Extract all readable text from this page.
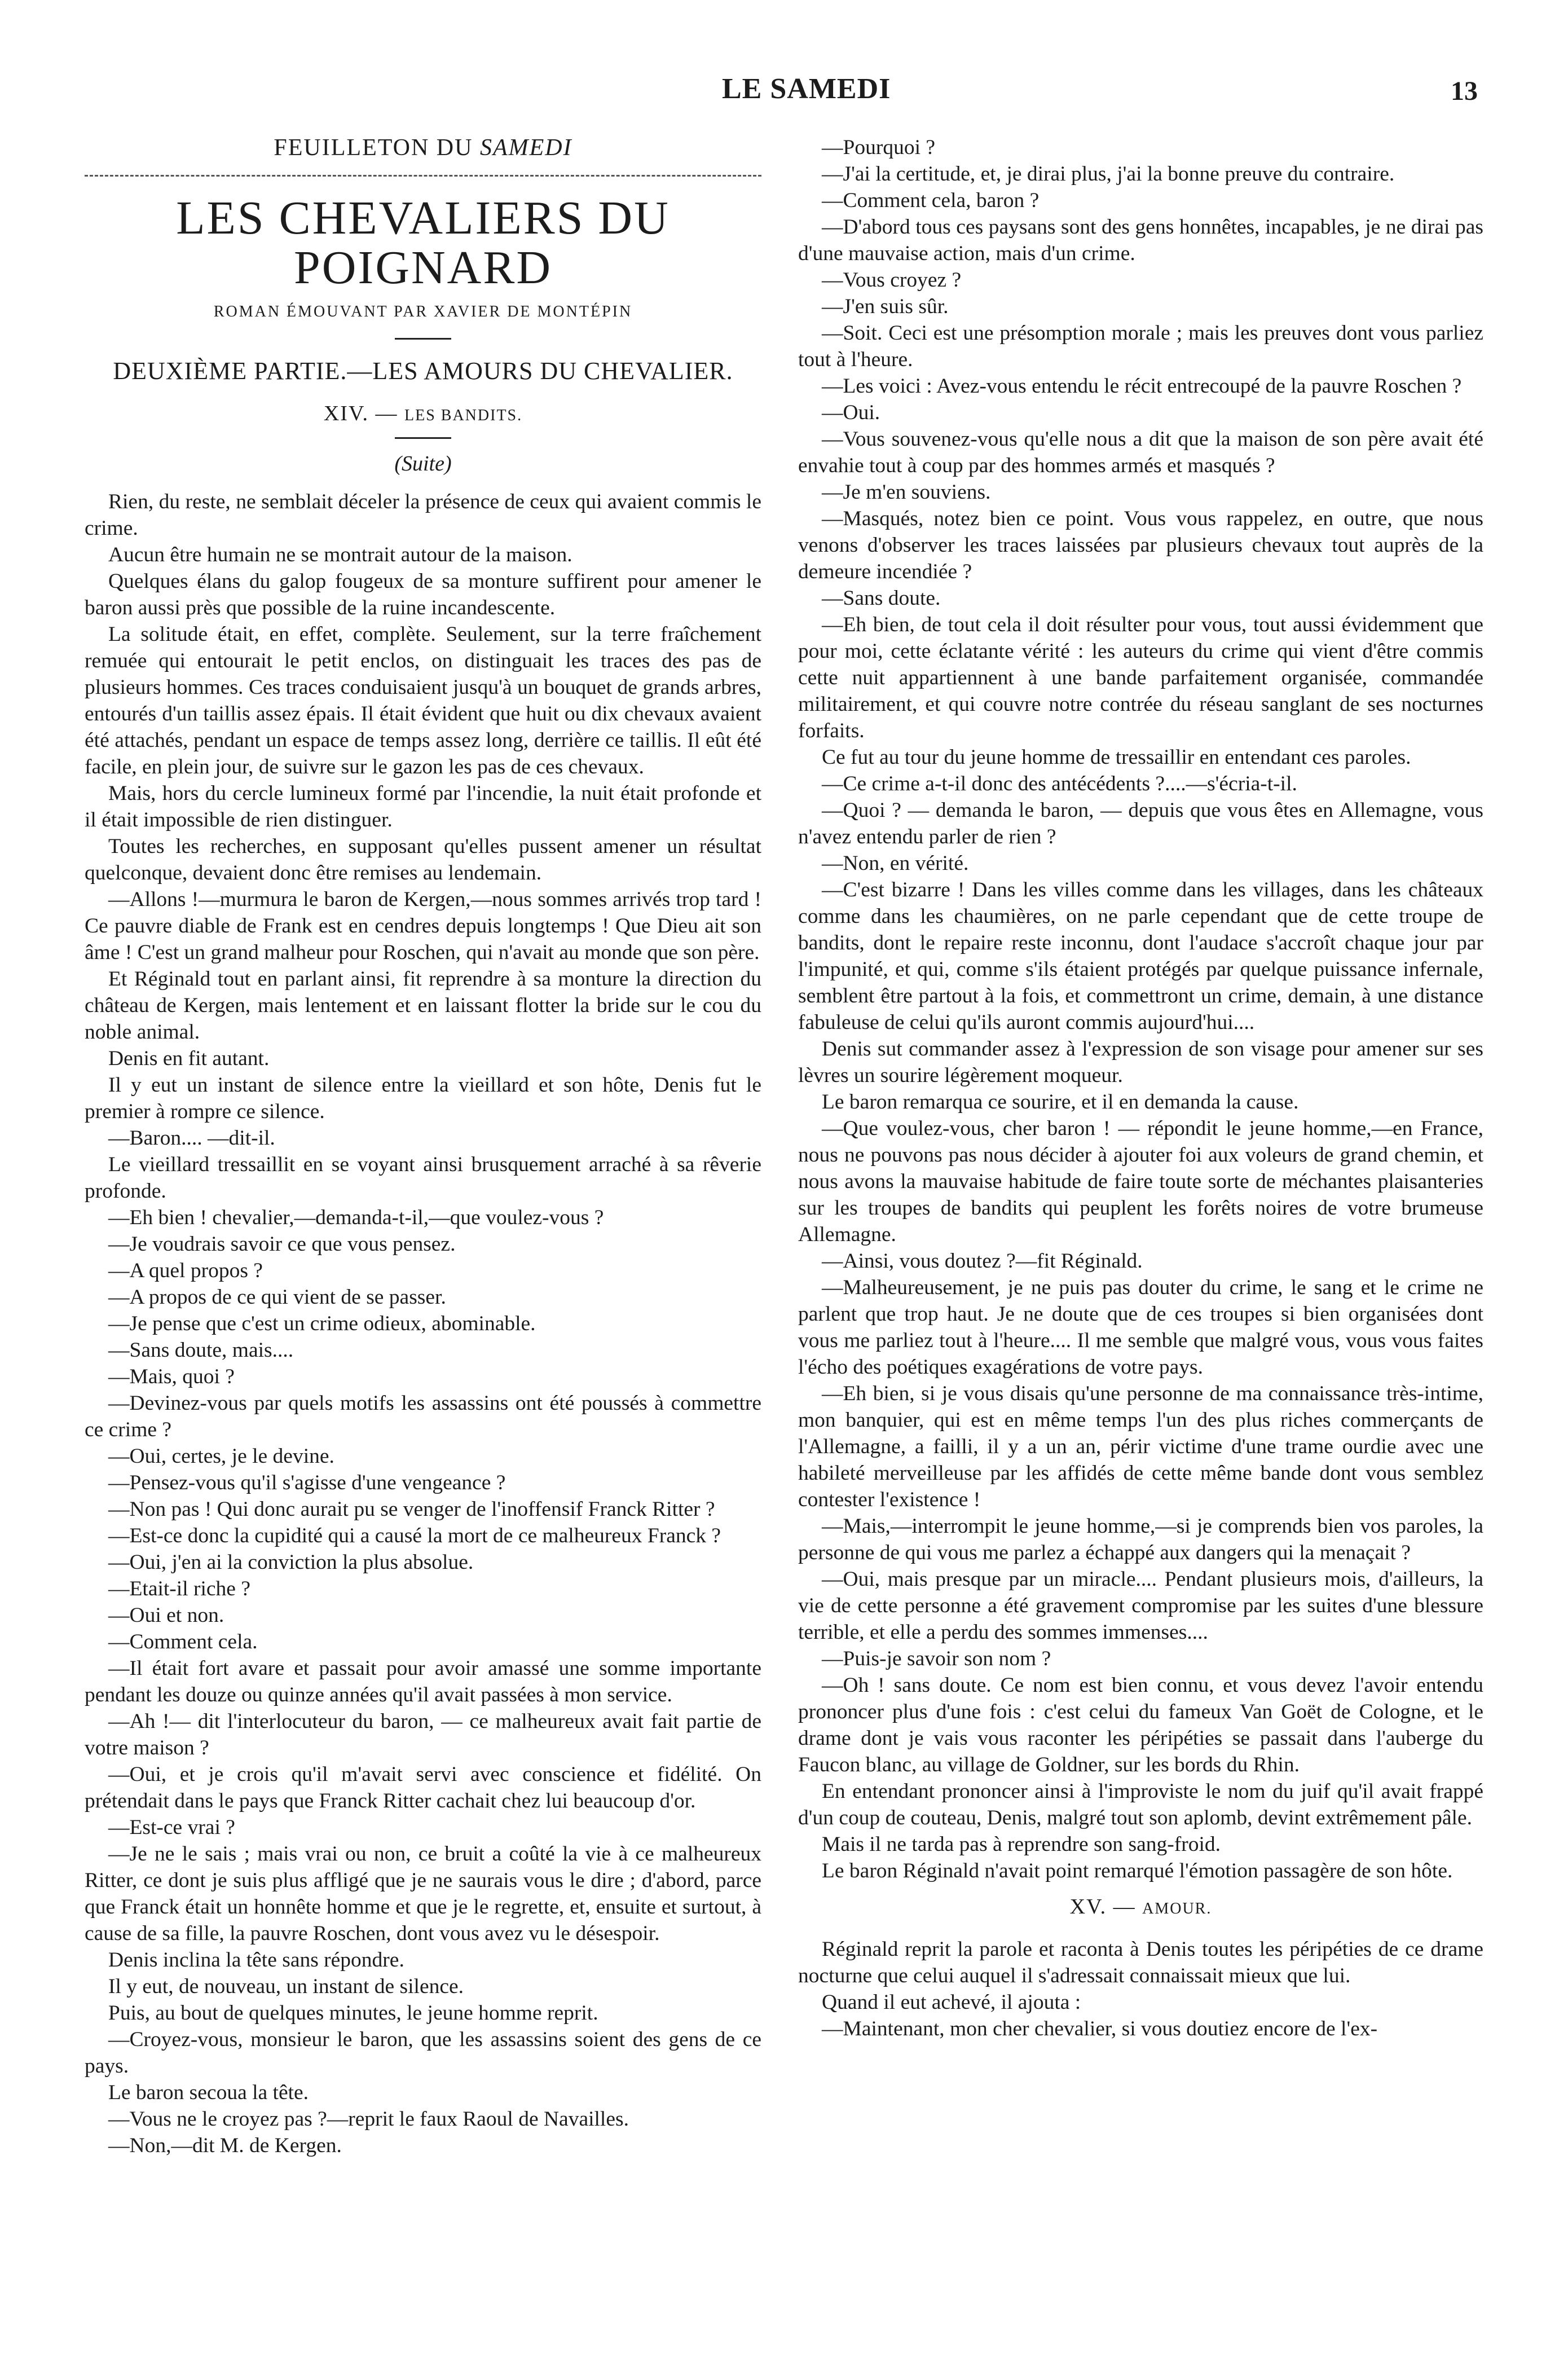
LE SAMEDI	13
FEUILLETON DU SAMEDI
LES CHEVALIERS DU POIGNARD
ROMAN ÉMOUVANT PAR XAVIER DE MONTÉPIN
DEUXIÈME PARTIE.—LES AMOURS DU CHEVALIER.
XIV. — LES BANDITS.
(Suite)

Rien, du reste, ne semblait déceler la présence de ceux qui avaient commis le crime.

Aucun être humain ne se montrait autour de la maison.

Quelques élans du galop fougeux de sa monture suffirent pour amener le baron aussi près que possible de la ruine incandescente.

La solitude était, en effet, complète. Seulement, sur la terre fraîchement remuée qui entourait le petit enclos, on distinguait les traces des pas de plusieurs hommes. Ces traces conduisaient jusqu'à un bouquet de grands arbres, entourés d'un taillis assez épais. Il était évident que huit ou dix chevaux avaient été attachés, pendant un espace de temps assez long, derrière ce taillis. Il eût été facile, en plein jour, de suivre sur le gazon les pas de ces chevaux.

Mais, hors du cercle lumineux formé par l'incendie, la nuit était profonde et il était impossible de rien distinguer.

Toutes les recherches, en supposant qu'elles pussent amener un résultat quelconque, devaient donc être remises au lendemain.

—Allons !—murmura le baron de Kergen,—nous sommes arrivés trop tard ! Ce pauvre diable de Frank est en cendres depuis longtemps ! Que Dieu ait son âme ! C'est un grand malheur pour Roschen, qui n'avait au monde que son père.

Et Réginald tout en parlant ainsi, fit reprendre à sa monture la direction du château de Kergen, mais lentement et en laissant flotter la bride sur le cou du noble animal.

Denis en fit autant.

Il y eut un instant de silence entre la vieillard et son hôte, Denis fut le premier à rompre ce silence.

—Baron.... —dit-il.

Le vieillard tressaillit en se voyant ainsi brusquement arraché à sa rêverie profonde.

—Eh bien ! chevalier,—demanda-t-il,—que voulez-vous ?

—Je voudrais savoir ce que vous pensez.

—A quel propos ?

—A propos de ce qui vient de se passer.

—Je pense que c'est un crime odieux, abominable.

—Sans doute, mais....

—Mais, quoi ?

—Devinez-vous par quels motifs les assassins ont été poussés à commettre ce crime ?

—Oui, certes, je le devine.

—Pensez-vous qu'il s'agisse d'une vengeance ?

—Non pas ! Qui donc aurait pu se venger de l'inoffensif Franck Ritter ?

—Est-ce donc la cupidité qui a causé la mort de ce malheureux Franck ?

—Oui, j'en ai la conviction la plus absolue.

—Etait-il riche ?

—Oui et non.

—Comment cela.

—Il était fort avare et passait pour avoir amassé une somme importante pendant les douze ou quinze années qu'il avait passées à mon service.

—Ah !— dit l'interlocuteur du baron, — ce malheureux avait fait partie de votre maison ?

—Oui, et je crois qu'il m'avait servi avec conscience et fidélité. On prétendait dans le pays que Franck Ritter cachait chez lui beaucoup d'or.

—Est-ce vrai ?

—Je ne le sais ; mais vrai ou non, ce bruit a coûté la vie à ce malheureux Ritter, ce dont je suis plus affligé que je ne saurais vous le dire ; d'abord, parce que Franck était un honnête homme et que je le regrette, et, ensuite et surtout, à cause de sa fille, la pauvre Roschen, dont vous avez vu le désespoir.

Denis inclina la tête sans répondre.

Il y eut, de nouveau, un instant de silence.

Puis, au bout de quelques minutes, le jeune homme reprit.

—Croyez-vous, monsieur le baron, que les assassins soient des gens de ce pays.

Le baron secoua la tête.

—Vous ne le croyez pas ?—reprit le faux Raoul de Navailles.

—Non,—dit M. de Kergen.

—Pourquoi ?

—J'ai la certitude, et, je dirai plus, j'ai la bonne preuve du contraire.

—Comment cela, baron ?

—D'abord tous ces paysans sont des gens honnêtes, incapables, je ne dirai pas d'une mauvaise action, mais d'un crime.

—Vous croyez ?

—J'en suis sûr.

—Soit. Ceci est une présomption morale ; mais les preuves dont vous parliez tout à l'heure.

—Les voici : Avez-vous entendu le récit entrecoupé de la pauvre Roschen ?

—Oui.

—Vous souvenez-vous qu'elle nous a dit que la maison de son père avait été envahie tout à coup par des hommes armés et masqués ?

—Je m'en souviens.

—Masqués, notez bien ce point. Vous vous rappelez, en outre, que nous venons d'observer les traces laissées par plusieurs chevaux tout auprès de la demeure incendiée ?

—Sans doute.

—Eh bien, de tout cela il doit résulter pour vous, tout aussi évidemment que pour moi, cette éclatante vérité : les auteurs du crime qui vient d'être commis cette nuit appartiennent à une bande parfaitement organisée, commandée militairement, et qui couvre notre contrée du réseau sanglant de ses nocturnes forfaits.

Ce fut au tour du jeune homme de tressaillir en entendant ces paroles.

—Ce crime a-t-il donc des antécédents ?....—s'écria-t-il.

—Quoi ? — demanda le baron, — depuis que vous êtes en Allemagne, vous n'avez entendu parler de rien ?

—Non, en vérité.

—C'est bizarre ! Dans les villes comme dans les villages, dans les châteaux comme dans les chaumières, on ne parle cependant que de cette troupe de bandits, dont le repaire reste inconnu, dont l'audace s'accroît chaque jour par l'impunité, et qui, comme s'ils étaient protégés par quelque puissance infernale, semblent être partout à la fois, et commettront un crime, demain, à une distance fabuleuse de celui qu'ils auront commis aujourd'hui....

Denis sut commander assez à l'expression de son visage pour amener sur ses lèvres un sourire légèrement moqueur.

Le baron remarqua ce sourire, et il en demanda la cause.

—Que voulez-vous, cher baron ! — répondit le jeune homme,—en France, nous ne pouvons pas nous décider à ajouter foi aux voleurs de grand chemin, et nous avons la mauvaise habitude de faire toute sorte de méchantes plaisanteries sur les troupes de bandits qui peuplent les forêts noires de votre brumeuse Allemagne.

—Ainsi, vous doutez ?—fit Réginald.

—Malheureusement, je ne puis pas douter du crime, le sang et le crime ne parlent que trop haut. Je ne doute que de ces troupes si bien organisées dont vous me parliez tout à l'heure.... Il me semble que malgré vous, vous vous faites l'écho des poétiques exagérations de votre pays.

—Eh bien, si je vous disais qu'une personne de ma connaissance très-intime, mon banquier, qui est en même temps l'un des plus riches commerçants de l'Allemagne, a failli, il y a un an, périr victime d'une trame ourdie avec une habileté merveilleuse par les affidés de cette même bande dont vous semblez contester l'existence !

—Mais,—interrompit le jeune homme,—si je comprends bien vos paroles, la personne de qui vous me parlez a échappé aux dangers qui la menaçait ?

—Oui, mais presque par un miracle.... Pendant plusieurs mois, d'ailleurs, la vie de cette personne a été gravement compromise par les suites d'une blessure terrible, et elle a perdu des sommes immenses....

—Puis-je savoir son nom ?

—Oh ! sans doute. Ce nom est bien connu, et vous devez l'avoir entendu prononcer plus d'une fois : c'est celui du fameux Van Goët de Cologne, et le drame dont je vais vous raconter les péripéties se passait dans l'auberge du Faucon blanc, au village de Goldner, sur les bords du Rhin.

En entendant prononcer ainsi à l'improviste le nom du juif qu'il avait frappé d'un coup de couteau, Denis, malgré tout son aplomb, devint extrêmement pâle.

Mais il ne tarda pas à reprendre son sang-froid.

Le baron Réginald n'avait point remarqué l'émotion passagère de son hôte.

XV. — AMOUR.

Réginald reprit la parole et raconta à Denis toutes les péripéties de ce drame nocturne que celui auquel il s'adressait connaissait mieux que lui.

Quand il eut achevé, il ajouta :

—Maintenant, mon cher chevalier, si vous doutiez encore de l'ex-
